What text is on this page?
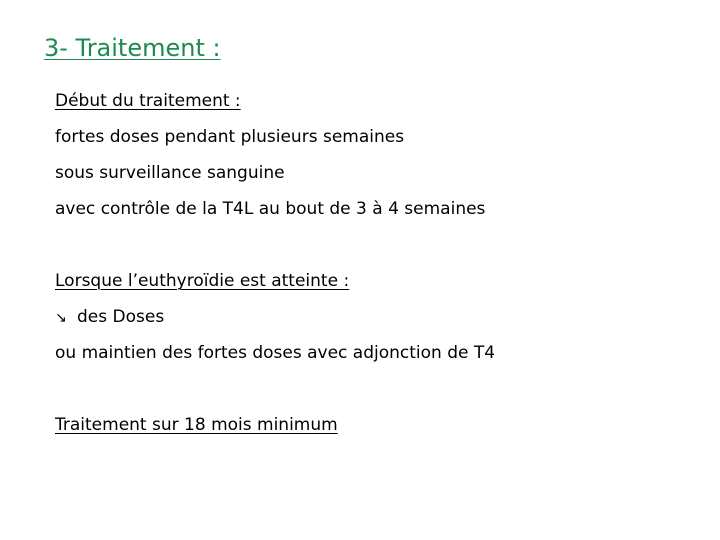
3- Traitement :
Début du traitement :
fortes doses pendant plusieurs semaines
sous surveillance sanguine
avec contrôle de la T4L au bout de 3 à 4 semaines
Lorsque l’euthyroïdie est atteinte :
↘ des Doses
ou maintien des fortes doses avec adjonction de T4
Traitement sur 18 mois minimum
